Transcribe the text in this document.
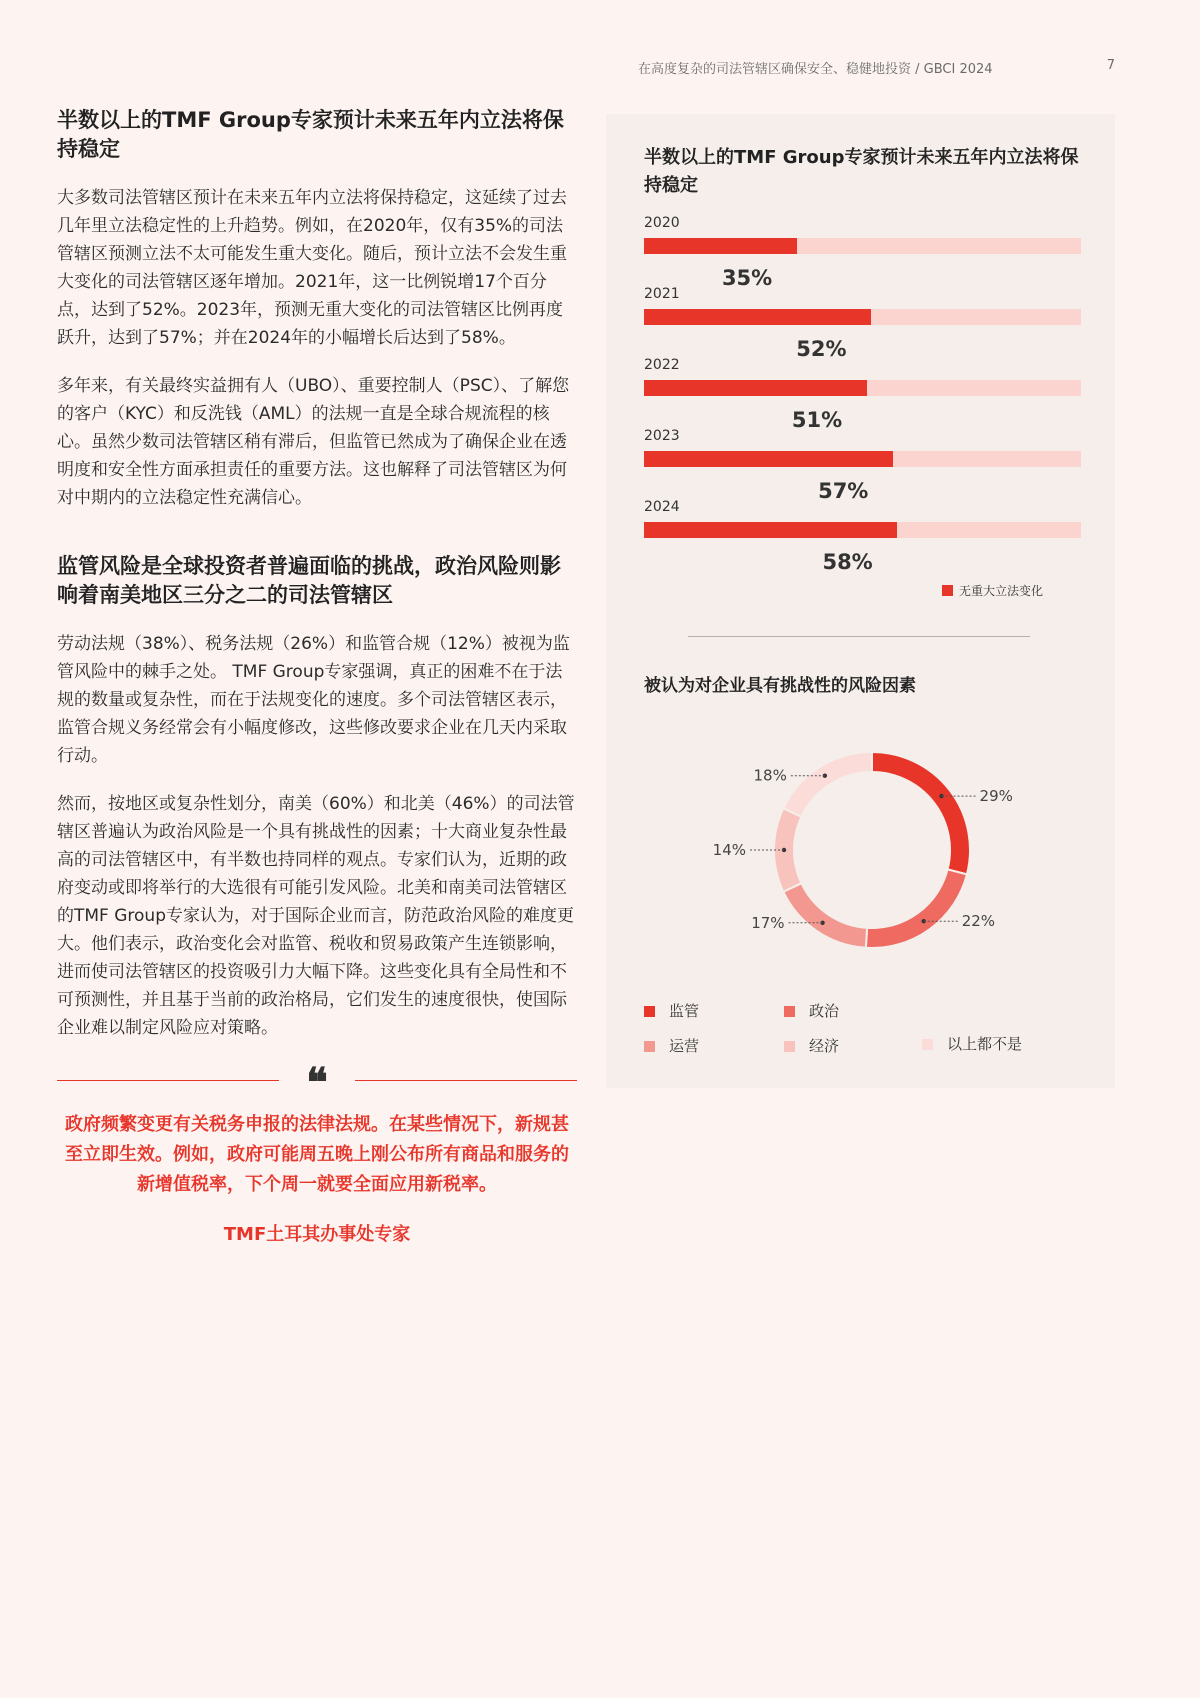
在高度复杂的司法管辖区确保安全、稳健地投资 / GBCI 2024	7
半数以上的TMF Group专家预计未来五年内立法将保持稳定

大多数司法管辖区预计在未来五年内立法将保持稳定，这延续了过去几年里立法稳定性的上升趋势。例如，在2020年，仅有35%的司法管辖区预测立法不太可能发生重大变化。随后，预计立法不会发生重大变化的司法管辖区逐年增加。2021年，这一比例锐增17个百分点，达到了52%。2023年，预测无重大变化的司法管辖区比例再度跃升，达到了57%；并在2024年的小幅增长后达到了58%。

多年来，有关最终实益拥有人（UBO）、重要控制人（PSC）、了解您的客户（KYC）和反洗钱（AML）的法规一直是全球合规流程的核心。虽然少数司法管辖区稍有滞后，但监管已然成为了确保企业在透明度和安全性方面承担责任的重要方法。这也解释了司法管辖区为何对中期内的立法稳定性充满信心。

监管风险是全球投资者普遍面临的挑战，政治风险则影响着南美地区三分之二的司法管辖区

劳动法规（38%）、税务法规（26%）和监管合规（12%）被视为监管风险中的棘手之处。 TMF Group专家强调，真正的困难不在于法规的数量或复杂性，而在于法规变化的速度。多个司法管辖区表示，监管合规义务经常会有小幅度修改，这些修改要求企业在几天内采取行动。

然而，按地区或复杂性划分，南美（60%）和北美（46%）的司法管辖区普遍认为政治风险是一个具有挑战性的因素；十大商业复杂性最高的司法管辖区中，有半数也持同样的观点。专家们认为，近期的政府变动或即将举行的大选很有可能引发风险。北美和南美司法管辖区的TMF Group专家认为，对于国际企业而言，防范政治风险的难度更大。他们表示，政治变化会对监管、税收和贸易政策产生连锁影响，进而使司法管辖区的投资吸引力大幅下降。这些变化具有全局性和不可预测性，并且基于当前的政治格局，它们发生的速度很快，使国际企业难以制定风险应对策略。

❝
政府频繁变更有关税务申报的法律法规。在某些情况下，新规甚至立即生效。例如，政府可能周五晚上刚公布所有商品和服务的新增值税率，下个周一就要全面应用新税率。
TMF土耳其办事处专家
半数以上的TMF Group专家预计未来五年内立法将保持稳定
2020
35%
2021
52%
2022
51%
2023
57%
2024
58%
无重大立法变化
被认为对企业具有挑战性的风险因素
29%
22%
17%
14%
18%
监管	政治
运营	经济	以上都不是
